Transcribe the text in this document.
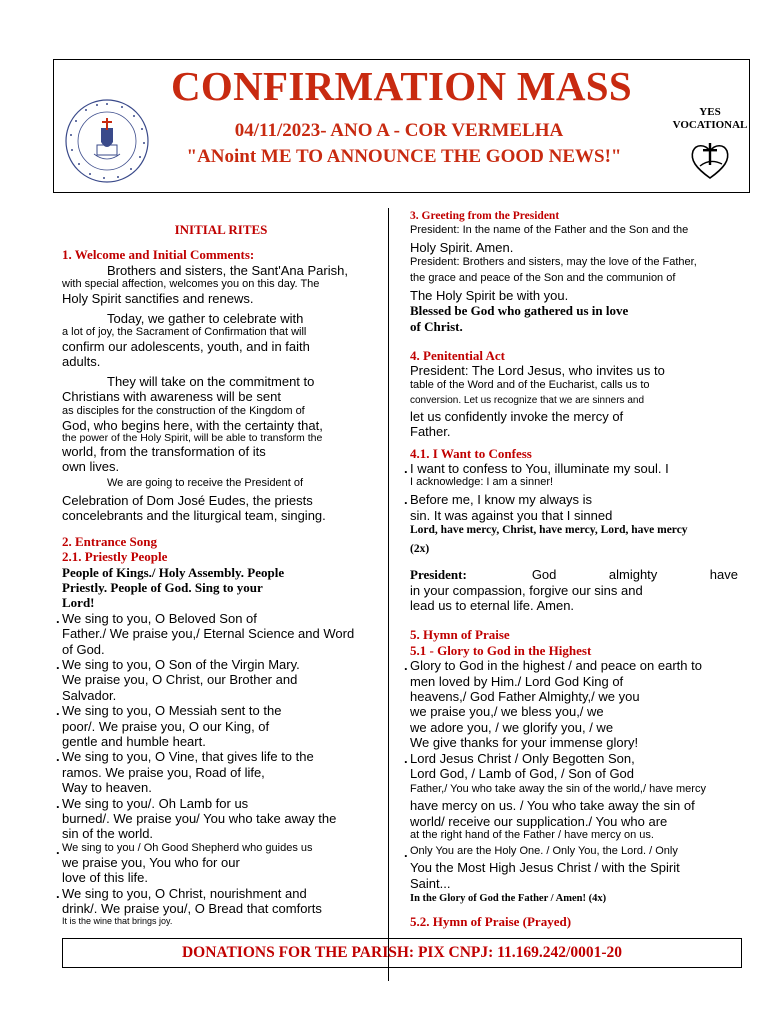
CONFIRMATION MASS
04/11/2023- ANO A - COR VERMELHA
"ANoint ME TO ANNOUNCE THE GOOD NEWS!"
YES
VOCATIONAL
INITIAL RITES
1. Welcome and Initial Comments:
Brothers and sisters, the Sant'Ana Parish,
with special affection, welcomes you on this day. The
Holy Spirit sanctifies and renews.
Today, we gather to celebrate with
a lot of joy, the Sacrament of Confirmation that will
confirm our adolescents, youth, and in faith
adults.
They will take on the commitment to
Christians with awareness will be sent
as disciples for the construction of the Kingdom of
God, who begins here, with the certainty that,
the power of the Holy Spirit, will be able to transform the
world, from the transformation of its
own lives.
We are going to receive the President of
Celebration of Dom José Eudes, the priests
concelebrants and the liturgical team, singing.
2. Entrance Song
2.1. Priestly People
People of Kings./ Holy Assembly. People
Priestly. People of God. Sing to your
Lord!
. We sing to you, O Beloved Son of
Father./ We praise you,/ Eternal Science and Word
of God.
. We sing to you, O Son of the Virgin Mary.
We praise you, O Christ, our Brother and
Salvador.
. We sing to you, O Messiah sent to the
poor/. We praise you, O our King, of
gentle and humble heart.
. We sing to you, O Vine, that gives life to the
ramos. We praise you, Road of life,
Way to heaven.
. We sing to you/. Oh Lamb for us
burned/. We praise you/ You who take away the
sin of the world.
. We sing to you / Oh Good Shepherd who guides us
we praise you, You who for our
love of this life.
. We sing to you, O Christ, nourishment and
drink/. We praise you/, O Bread that comforts
It is the wine that brings joy.
3. Greeting from the President
President: In the name of the Father and the Son and the
Holy Spirit. Amen.
President: Brothers and sisters, may the love of the Father,
the grace and peace of the Son and the communion of
The Holy Spirit be with you.
Blessed be God who gathered us in love
of Christ.
4. Penitential Act
President: The Lord Jesus, who invites us to
table of the Word and of the Eucharist, calls us to
conversion. Let us recognize that we are sinners and
let us confidently invoke the mercy of
Father.
4.1. I Want to Confess
. I want to confess to You, illuminate my soul. I
I acknowledge: I am a sinner!
. Before me, I know my always is
sin. It was against you that I sinned
Lord, have mercy, Christ, have mercy, Lord, have mercy
(2x)
President:	God	almighty	have
in your compassion, forgive our sins and
lead us to eternal life. Amen.
5. Hymn of Praise
5.1 - Glory to God in the Highest
. Glory to God in the highest / and peace on earth to
men loved by Him./ Lord God King of
heavens,/ God Father Almighty,/ we you
we praise you,/ we bless you,/ we
we adore you, / we glorify you, / we
We give thanks for your immense glory!
. Lord Jesus Christ / Only Begotten Son,
Lord God, / Lamb of God, / Son of God
Father,/ You who take away the sin of the world,/ have mercy
have mercy on us. / You who take away the sin of
world/ receive our supplication./ You who are
at the right hand of the Father / have mercy on us.
. Only You are the Holy One. / Only You, the Lord. / Only
You the Most High Jesus Christ / with the Spirit
Saint...
In the Glory of God the Father / Amen! (4x)
5.2. Hymn of Praise (Prayed)
DONATIONS FOR THE PARISH: PIX CNPJ: 11.169.242/0001-20
